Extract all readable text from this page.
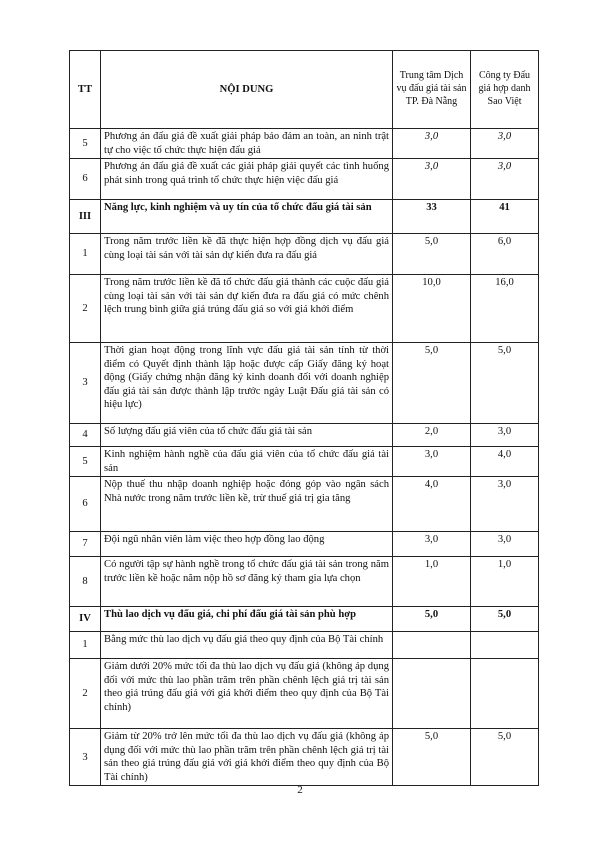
TT	NỘI DUNG	Trung tâm Dịch vụ đấu giá tài sản TP. Đà Nẵng	Công ty Đấu giá hợp danh Sao Việt
5	Phương án đấu giá đề xuất giải pháp bảo đảm an toàn, an ninh trật tự cho việc tổ chức thực hiện đấu giá	3,0	3,0
6	Phương án đấu giá đề xuất các giải pháp giải quyết các tình huống phát sinh trong quá trình tổ chức thực hiện việc đấu giá	3,0	3,0
III	Năng lực, kinh nghiệm và uy tín của tổ chức đấu giá tài sản	33	41
1	Trong năm trước liền kề đã thực hiện hợp đồng dịch vụ đấu giá cùng loại tài sản với tài sản dự kiến đưa ra đấu giá	5,0	6,0
2	Trong năm trước liền kề đã tổ chức đấu giá thành các cuộc đấu giá cùng loại tài sản với tài sản dự kiến đưa ra đấu giá có mức chênh lệch trung bình giữa giá trúng đấu giá so với giá khởi điểm	10,0	16,0
3	Thời gian hoạt động trong lĩnh vực đấu giá tài sản tính từ thời điểm có Quyết định thành lập hoặc được cấp Giấy đăng ký hoạt động (Giấy chứng nhận đăng ký kinh doanh đối với doanh nghiệp đấu giá tài sản được thành lập trước ngày Luật Đấu giá tài sản có hiệu lực)	5,0	5,0
4	Số lượng đấu giá viên của tổ chức đấu giá tài sản	2,0	3,0
5	Kinh nghiệm hành nghề của đấu giá viên của tổ chức đấu giá tài sản	3,0	4,0
6	Nộp thuế thu nhập doanh nghiệp hoặc đóng góp vào ngân sách Nhà nước trong năm trước liền kề, trừ thuế giá trị gia tăng	4,0	3,0
7	Đội ngũ nhân viên làm việc theo hợp đồng lao động	3,0	3,0
8	Có người tập sự hành nghề trong tổ chức đấu giá tài sản trong năm trước liền kề hoặc năm nộp hồ sơ đăng ký tham gia lựa chọn	1,0	1,0
IV	Thù lao dịch vụ đấu giá, chi phí đấu giá tài sản phù hợp	5,0	5,0
1	Bằng mức thù lao dịch vụ đấu giá theo quy định của Bộ Tài chính		
2	Giảm dưới 20% mức tối đa thù lao dịch vụ đấu giá (không áp dụng đối với mức thù lao phần trăm trên phần chênh lệch giá trị tài sản theo giá trúng đấu giá với giá khởi điểm theo quy định của Bộ Tài chính)		
3	Giảm từ 20% trở lên mức tối đa thù lao dịch vụ đấu giá (không áp dụng đối với mức thù lao phần trăm trên phần chênh lệch giá trị tài sản theo giá trúng đấu giá với giá khởi điểm theo quy định của Bộ Tài chính)	5,0	5,0
2
